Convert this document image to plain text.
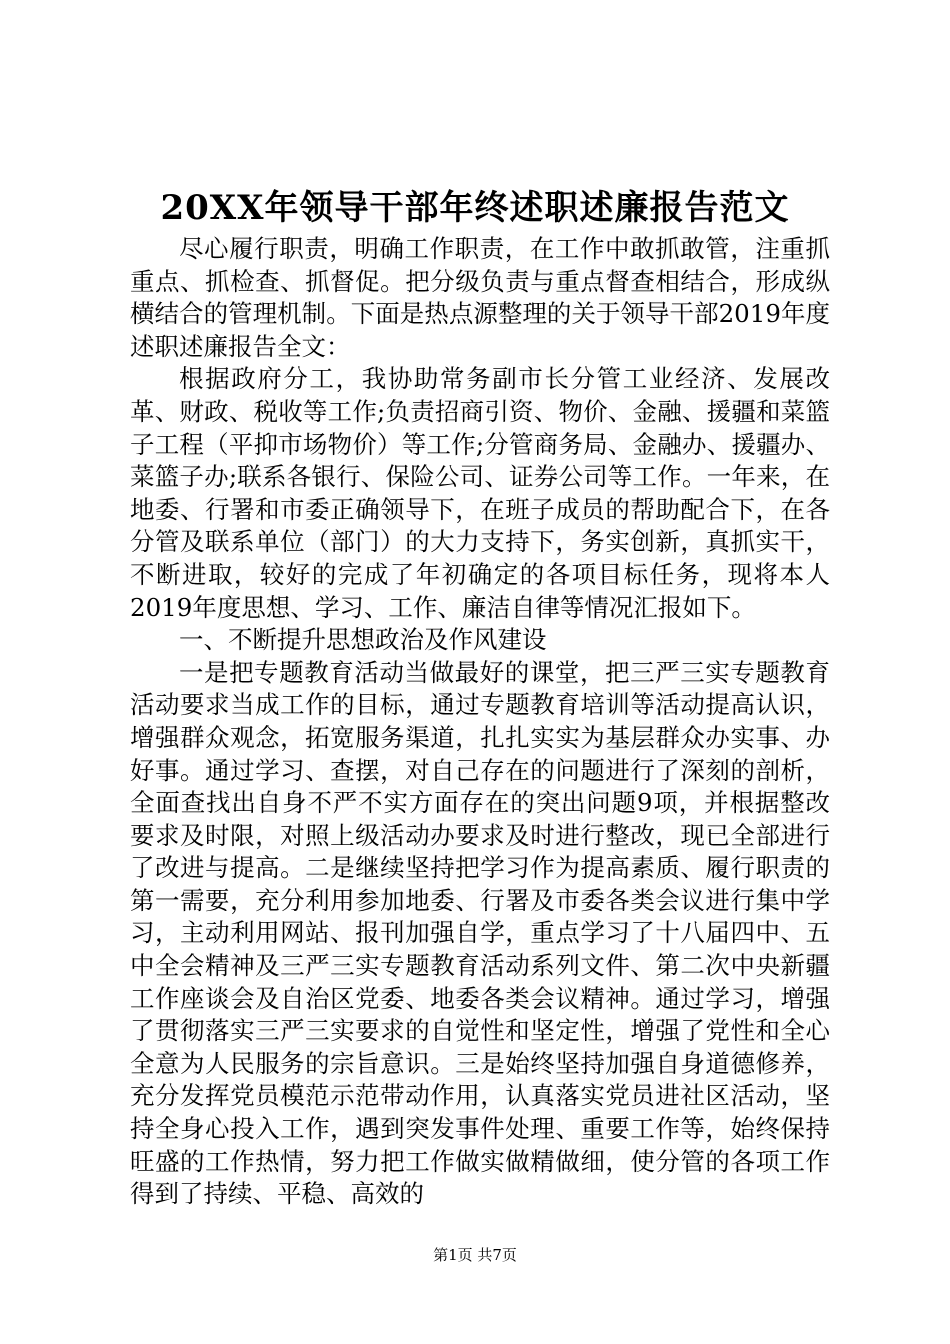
20XX年领导干部年终述职述廉报告范文

尽心履行职责，明确工作职责，在工作中敢抓敢管，注重抓重点、抓检查、抓督促。把分级负责与重点督查相结合，形成纵横结合的管理机制。下面是热点源整理的关于领导干部2019年度述职述廉报告全文：

根据政府分工，我协助常务副市长分管工业经济、发展改革、财政、税收等工作;负责招商引资、物价、金融、援疆和菜篮子工程（平抑市场物价）等工作;分管商务局、金融办、援疆办、菜篮子办;联系各银行、保险公司、证券公司等工作。一年来，在地委、行署和市委正确领导下，在班子成员的帮助配合下，在各分管及联系单位（部门）的大力支持下，务实创新，真抓实干，不断进取，较好的完成了年初确定的各项目标任务，现将本人2019年度思想、学习、工作、廉洁自律等情况汇报如下。

一、不断提升思想政治及作风建设

一是把专题教育活动当做最好的课堂，把三严三实专题教育活动要求当成工作的目标，通过专题教育培训等活动提高认识，增强群众观念，拓宽服务渠道，扎扎实实为基层群众办实事、办好事。通过学习、查摆，对自己存在的问题进行了深刻的剖析，全面查找出自身不严不实方面存在的突出问题9项，并根据整改要求及时限，对照上级活动办要求及时进行整改，现已全部进行了改进与提高。二是继续坚持把学习作为提高素质、履行职责的第一需要，充分利用参加地委、行署及市委各类会议进行集中学习，主动利用网站、报刊加强自学，重点学习了十八届四中、五中全会精神及三严三实专题教育活动系列文件、第二次中央新疆工作座谈会及自治区党委、地委各类会议精神。通过学习，增强了贯彻落实三严三实要求的自觉性和坚定性，增强了党性和全心全意为人民服务的宗旨意识。三是始终坚持加强自身道德修养，充分发挥党员模范示范带动作用，认真落实党员进社区活动，坚持全身心投入工作，遇到突发事件处理、重要工作等，始终保持旺盛的工作热情，努力把工作做实做精做细，使分管的各项工作得到了持续、平稳、高效的

第1页 共7页
